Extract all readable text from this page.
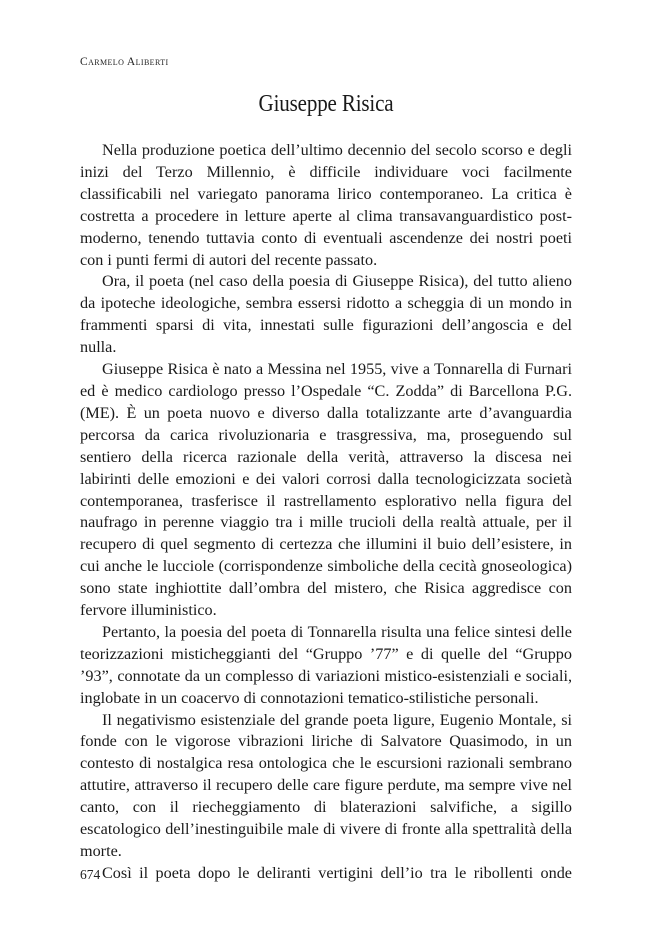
Carmelo Aliberti
Giuseppe Risica

Nella produzione poetica dell’ultimo decennio del secolo scorso e degli inizi del Terzo Millennio, è difficile individuare voci facilmente classificabili nel variegato panorama lirico contemporaneo. La critica è costretta a procedere in letture aperte al clima transavanguardistico post-moderno, tenendo tuttavia conto di eventuali ascendenze dei nostri poeti con i punti fermi di autori del recente passato.

Ora, il poeta (nel caso della poesia di Giuseppe Risica), del tutto alieno da ipoteche ideologiche, sembra essersi ridotto a scheggia di un mondo in frammenti sparsi di vita, innestati sulle figurazioni dell’angoscia e del nulla.

Giuseppe Risica è nato a Messina nel 1955, vive a Tonnarella di Furnari ed è medico cardiologo presso l’Ospedale “C. Zodda” di Barcellona P.G. (ME). È un poeta nuovo e diverso dalla totalizzante arte d’avanguardia percorsa da carica rivoluzionaria e trasgressiva, ma, proseguendo sul sentiero della ricerca razionale della verità, attraverso la discesa nei labirinti delle emozioni e dei valori corrosi dalla tecnologicizzata società contemporanea, trasferisce il rastrellamento esplorativo nella figura del naufrago in perenne viaggio tra i mille trucioli della realtà attuale, per il recupero di quel segmento di certezza che illumini il buio dell’esistere, in cui anche le lucciole (corrispondenze simboliche della cecità gnoseologica) sono state inghiottite dall’ombra del mistero, che Risica aggredisce con fervore illuministico.

Pertanto, la poesia del poeta di Tonnarella risulta una felice sintesi delle teorizzazioni misticheggianti del “Gruppo ’77” e di quelle del “Gruppo ’93”, connotate da un complesso di variazioni mistico-esistenziali e sociali, inglobate in un coacervo di connotazioni tematico-stilistiche personali.

Il negativismo esistenziale del grande poeta ligure, Eugenio Montale, si fonde con le vigorose vibrazioni liriche di Salvatore Quasimodo, in un contesto di nostalgica resa ontologica che le escursioni razionali sembrano attutire, attraverso il recupero delle care figure perdute, ma sempre vive nel canto, con il riecheggiamento di blaterazioni salvifiche, a sigillo escatologico dell’inestinguibile male di vivere di fronte alla spettralità della morte.

Così il poeta dopo le deliranti vertigini dell’io tra le ribollenti onde

674
